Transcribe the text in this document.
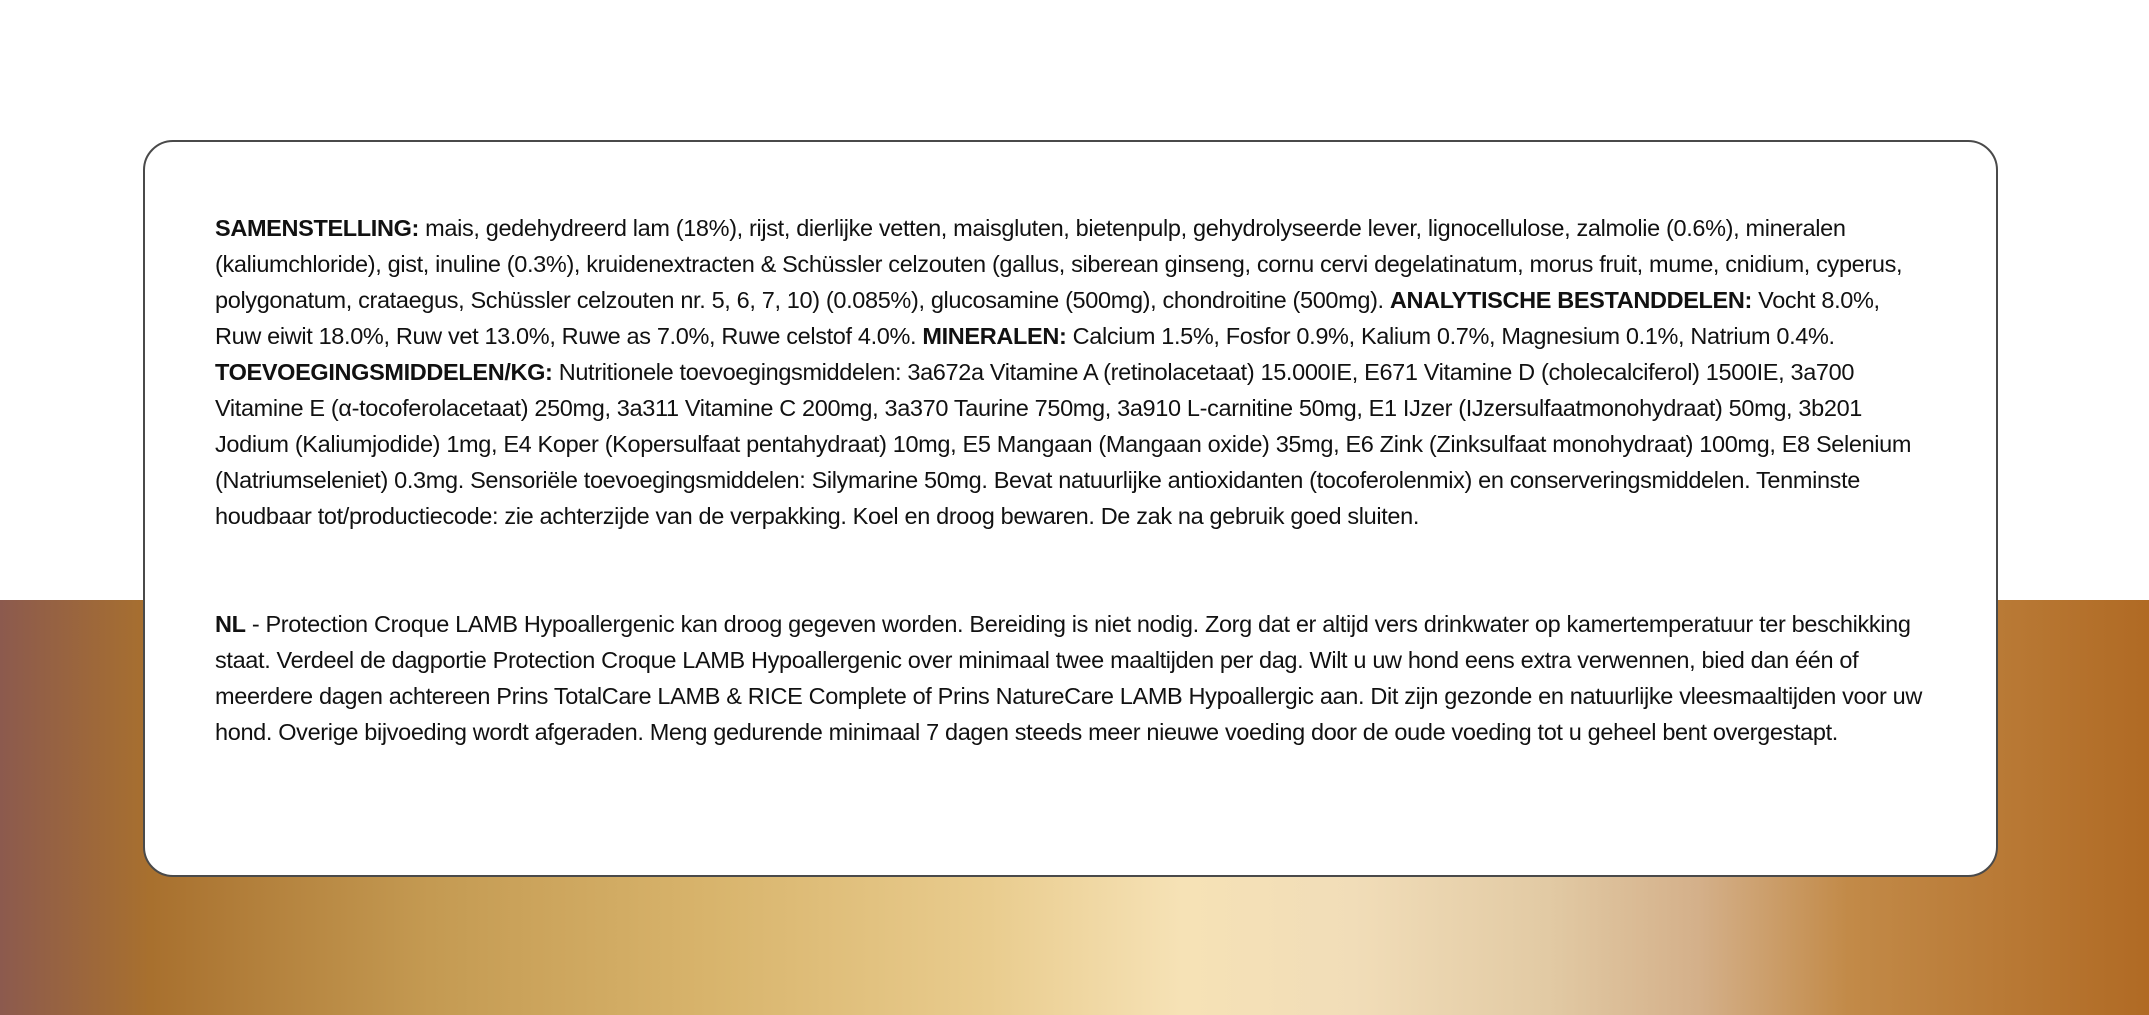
SAMENSTELLING: mais, gedehydreerd lam (18%), rijst, dierlijke vetten, maisgluten, bietenpulp, gehydrolyseerde lever, lignocellulose, zalmolie (0.6%), mineralen (kaliumchloride), gist, inuline (0.3%), kruidenextracten & Schüssler celzouten (gallus, siberean ginseng, cornu cervi degelatinatum, morus fruit, mume, cnidium, cyperus, polygonatum, crataegus, Schüssler celzouten nr. 5, 6, 7, 10) (0.085%), glucosamine (500mg), chondroitine (500mg). ANALYTISCHE BESTANDDELEN: Vocht 8.0%, Ruw eiwit 18.0%, Ruw vet 13.0%, Ruwe as 7.0%, Ruwe celstof 4.0%. MINERALEN: Calcium 1.5%, Fosfor 0.9%, Kalium 0.7%, Magnesium 0.1%, Natrium 0.4%. TOEVOEGINGSMIDDELEN/KG: Nutritionele toevoegingsmiddelen: 3a672a Vitamine A (retinolacetaat) 15.000IE, E671 Vitamine D (cholecalciferol) 1500IE, 3a700 Vitamine E (α-tocoferolacetaat) 250mg, 3a311 Vitamine C 200mg, 3a370 Taurine 750mg, 3a910 L-carnitine 50mg, E1 IJzer (IJzersulfaatmonohydraat) 50mg, 3b201 Jodium (Kaliumjodide) 1mg, E4 Koper (Kopersulfaat pentahydraat) 10mg, E5 Mangaan (Mangaan oxide) 35mg, E6 Zink (Zinksulfaat monohydraat) 100mg, E8 Selenium (Natriumseleniet) 0.3mg. Sensoriële toevoegingsmiddelen: Silymarine 50mg. Bevat natuurlijke antioxidanten (tocoferolenmix) en conserveringsmiddelen. Tenminste houdbaar tot/productiecode: zie achterzijde van de verpakking. Koel en droog bewaren. De zak na gebruik goed sluiten.

NL - Protection Croque LAMB Hypoallergenic kan droog gegeven worden. Bereiding is niet nodig. Zorg dat er altijd vers drinkwater op kamertemperatuur ter beschikking staat. Verdeel de dagportie Protection Croque LAMB Hypoallergenic over minimaal twee maaltijden per dag. Wilt u uw hond eens extra verwennen, bied dan één of meerdere dagen achtereen Prins TotalCare LAMB & RICE Complete of Prins NatureCare LAMB Hypoallergic aan. Dit zijn gezonde en natuurlijke vleesmaaltijden voor uw hond. Overige bijvoeding wordt afgeraden. Meng gedurende minimaal 7 dagen steeds meer nieuwe voeding door de oude voeding tot u geheel bent overgestapt.
